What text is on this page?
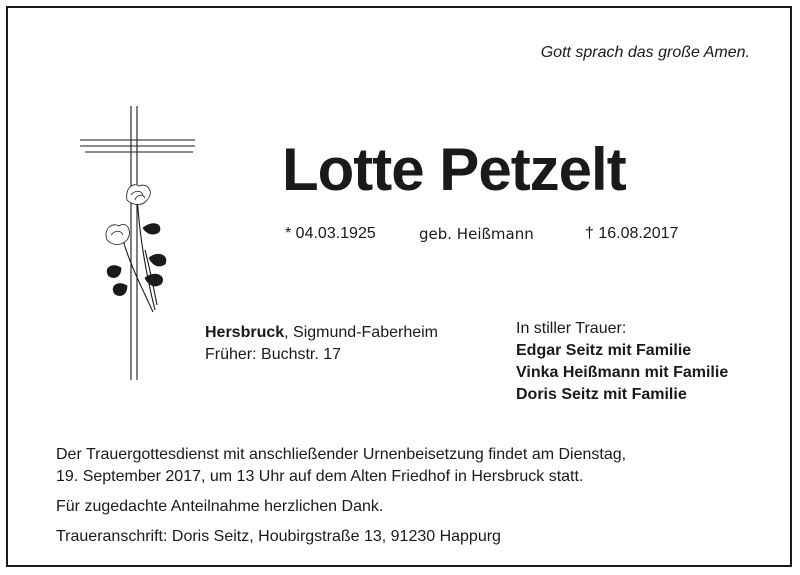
Gott sprach das große Amen.
Lotte Petzelt
* 04.03.1925	geb. Heißmann	† 16.08.2017
Hersbruck, Sigmund-Faberheim
Früher: Buchstr. 17
In stiller Trauer:
Edgar Seitz mit Familie
Vinka Heißmann mit Familie
Doris Seitz mit Familie

Der Trauergottesdienst mit anschließender Urnenbeisetzung findet am Dienstag,

19. September 2017, um 13 Uhr auf dem Alten Friedhof in Hersbruck statt.

Für zugedachte Anteilnahme herzlichen Dank.

Traueranschrift: Doris Seitz, Houbirgstraße 13, 91230 Happurg
